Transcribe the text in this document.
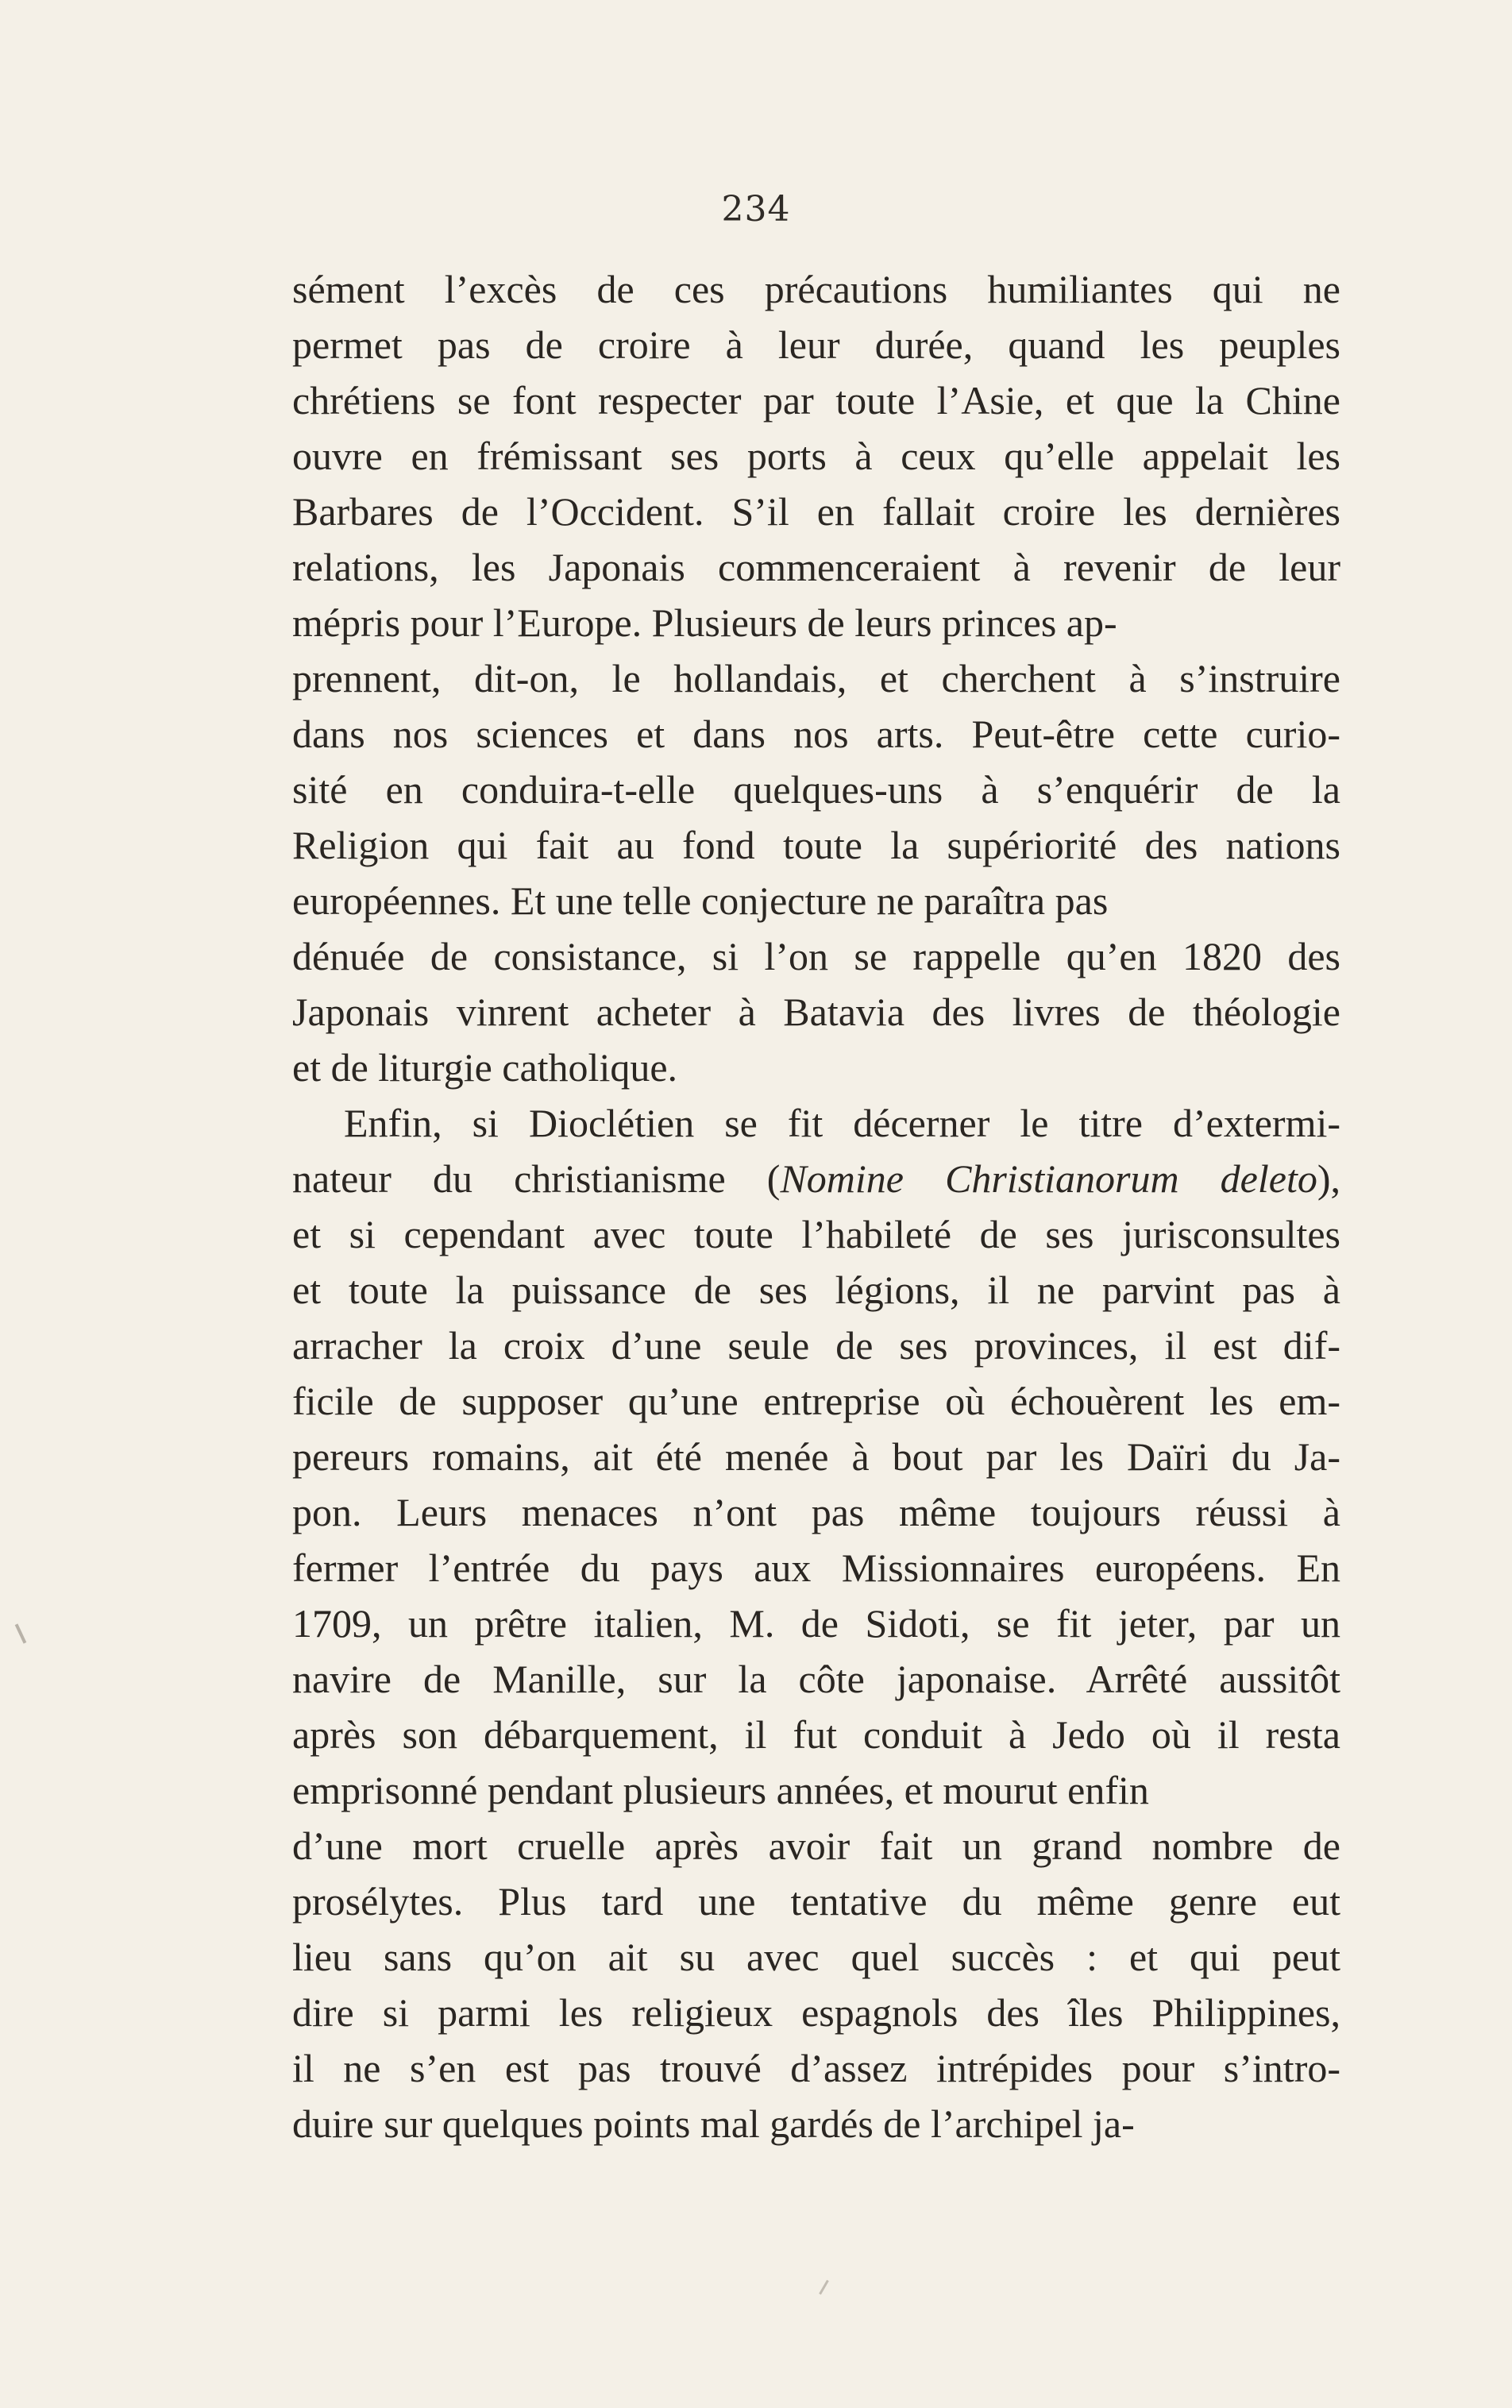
234
sément l’excès de ces précautions humiliantes qui ne
permet pas de croire à leur durée, quand les peuples
chrétiens se font respecter par toute l’Asie, et que la Chine
ouvre en frémissant ses ports à ceux qu’elle appelait les
Barbares de l’Occident. S’il en fallait croire les dernières
relations, les Japonais commenceraient à revenir de leur
mépris pour l’Europe. Plusieurs de leurs princes ap-
prennent, dit-on, le hollandais, et cherchent à s’instruire
dans nos sciences et dans nos arts. Peut-être cette curio-
sité en conduira-t-elle quelques-uns à s’enquérir de la
Religion qui fait au fond toute la supériorité des nations
européennes. Et une telle conjecture ne paraîtra pas
dénuée de consistance, si l’on se rappelle qu’en 1820 des
Japonais vinrent acheter à Batavia des livres de théologie
et de liturgie catholique.
Enfin, si Dioclétien se fit décerner le titre d’extermi-
nateur du christianisme (Nomine Christianorum deleto),
et si cependant avec toute l’habileté de ses jurisconsultes
et toute la puissance de ses légions, il ne parvint pas à
arracher la croix d’une seule de ses provinces, il est dif-
ficile de supposer qu’une entreprise où échouèrent les em-
pereurs romains, ait été menée à bout par les Daïri du Ja-
pon. Leurs menaces n’ont pas même toujours réussi à
fermer l’entrée du pays aux Missionnaires européens. En
1709, un prêtre italien, M. de Sidoti, se fit jeter, par un
navire de Manille, sur la côte japonaise. Arrêté aussitôt
après son débarquement, il fut conduit à Jedo où il resta
emprisonné pendant plusieurs années, et mourut enfin
d’une mort cruelle après avoir fait un grand nombre de
prosélytes. Plus tard une tentative du même genre eut
lieu sans qu’on ait su avec quel succès : et qui peut
dire si parmi les religieux espagnols des îles Philippines,
il ne s’en est pas trouvé d’assez intrépides pour s’intro-
duire sur quelques points mal gardés de l’archipel ja-
